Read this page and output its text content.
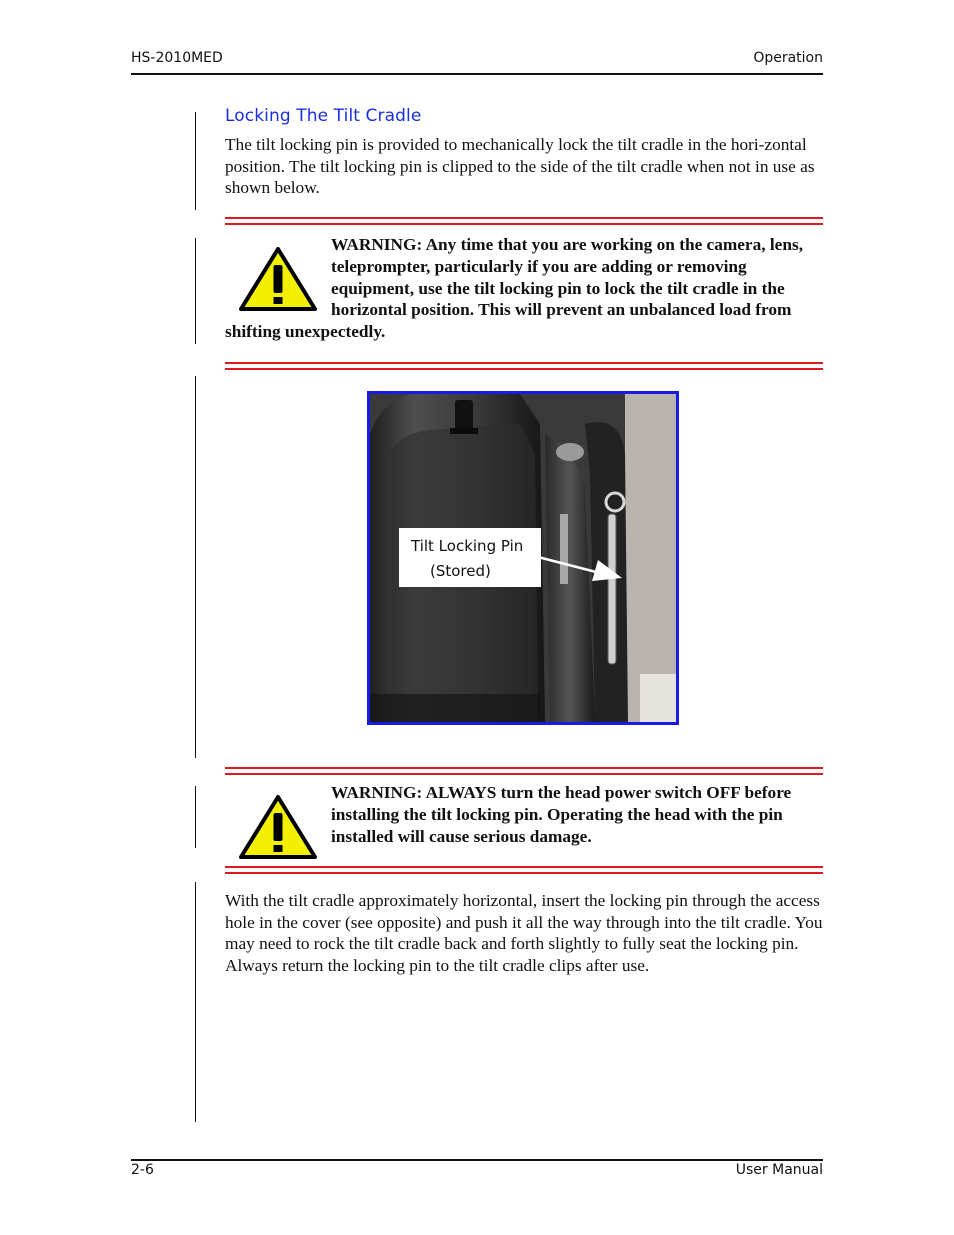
HS-2010MED	Operation
Locking The Tilt Cradle

The tilt locking pin is provided to mechanically lock the tilt cradle in the hori-zontal position. The tilt locking pin is clipped to the side of the tilt cradle when not in use as shown below.

WARNING: Any time that you are working on the camera, lens, teleprompter, particularly if you are adding or removing equipment, use the tilt locking pin to lock the tilt cradle in the horizontal position. This will prevent an unbalanced load from shifting unexpectedly.

Tilt Locking Pin
(Stored)

WARNING: ALWAYS turn the head power switch OFF before installing the tilt locking pin. Operating the head with the pin installed will cause serious damage.

With the tilt cradle approximately horizontal, insert the locking pin through the access hole in the cover (see opposite) and push it all the way through into the tilt cradle. You may need to rock the tilt cradle back and forth slightly to fully seat the locking pin. Always return the locking pin to the tilt cradle clips after use.

2-6	User Manual
